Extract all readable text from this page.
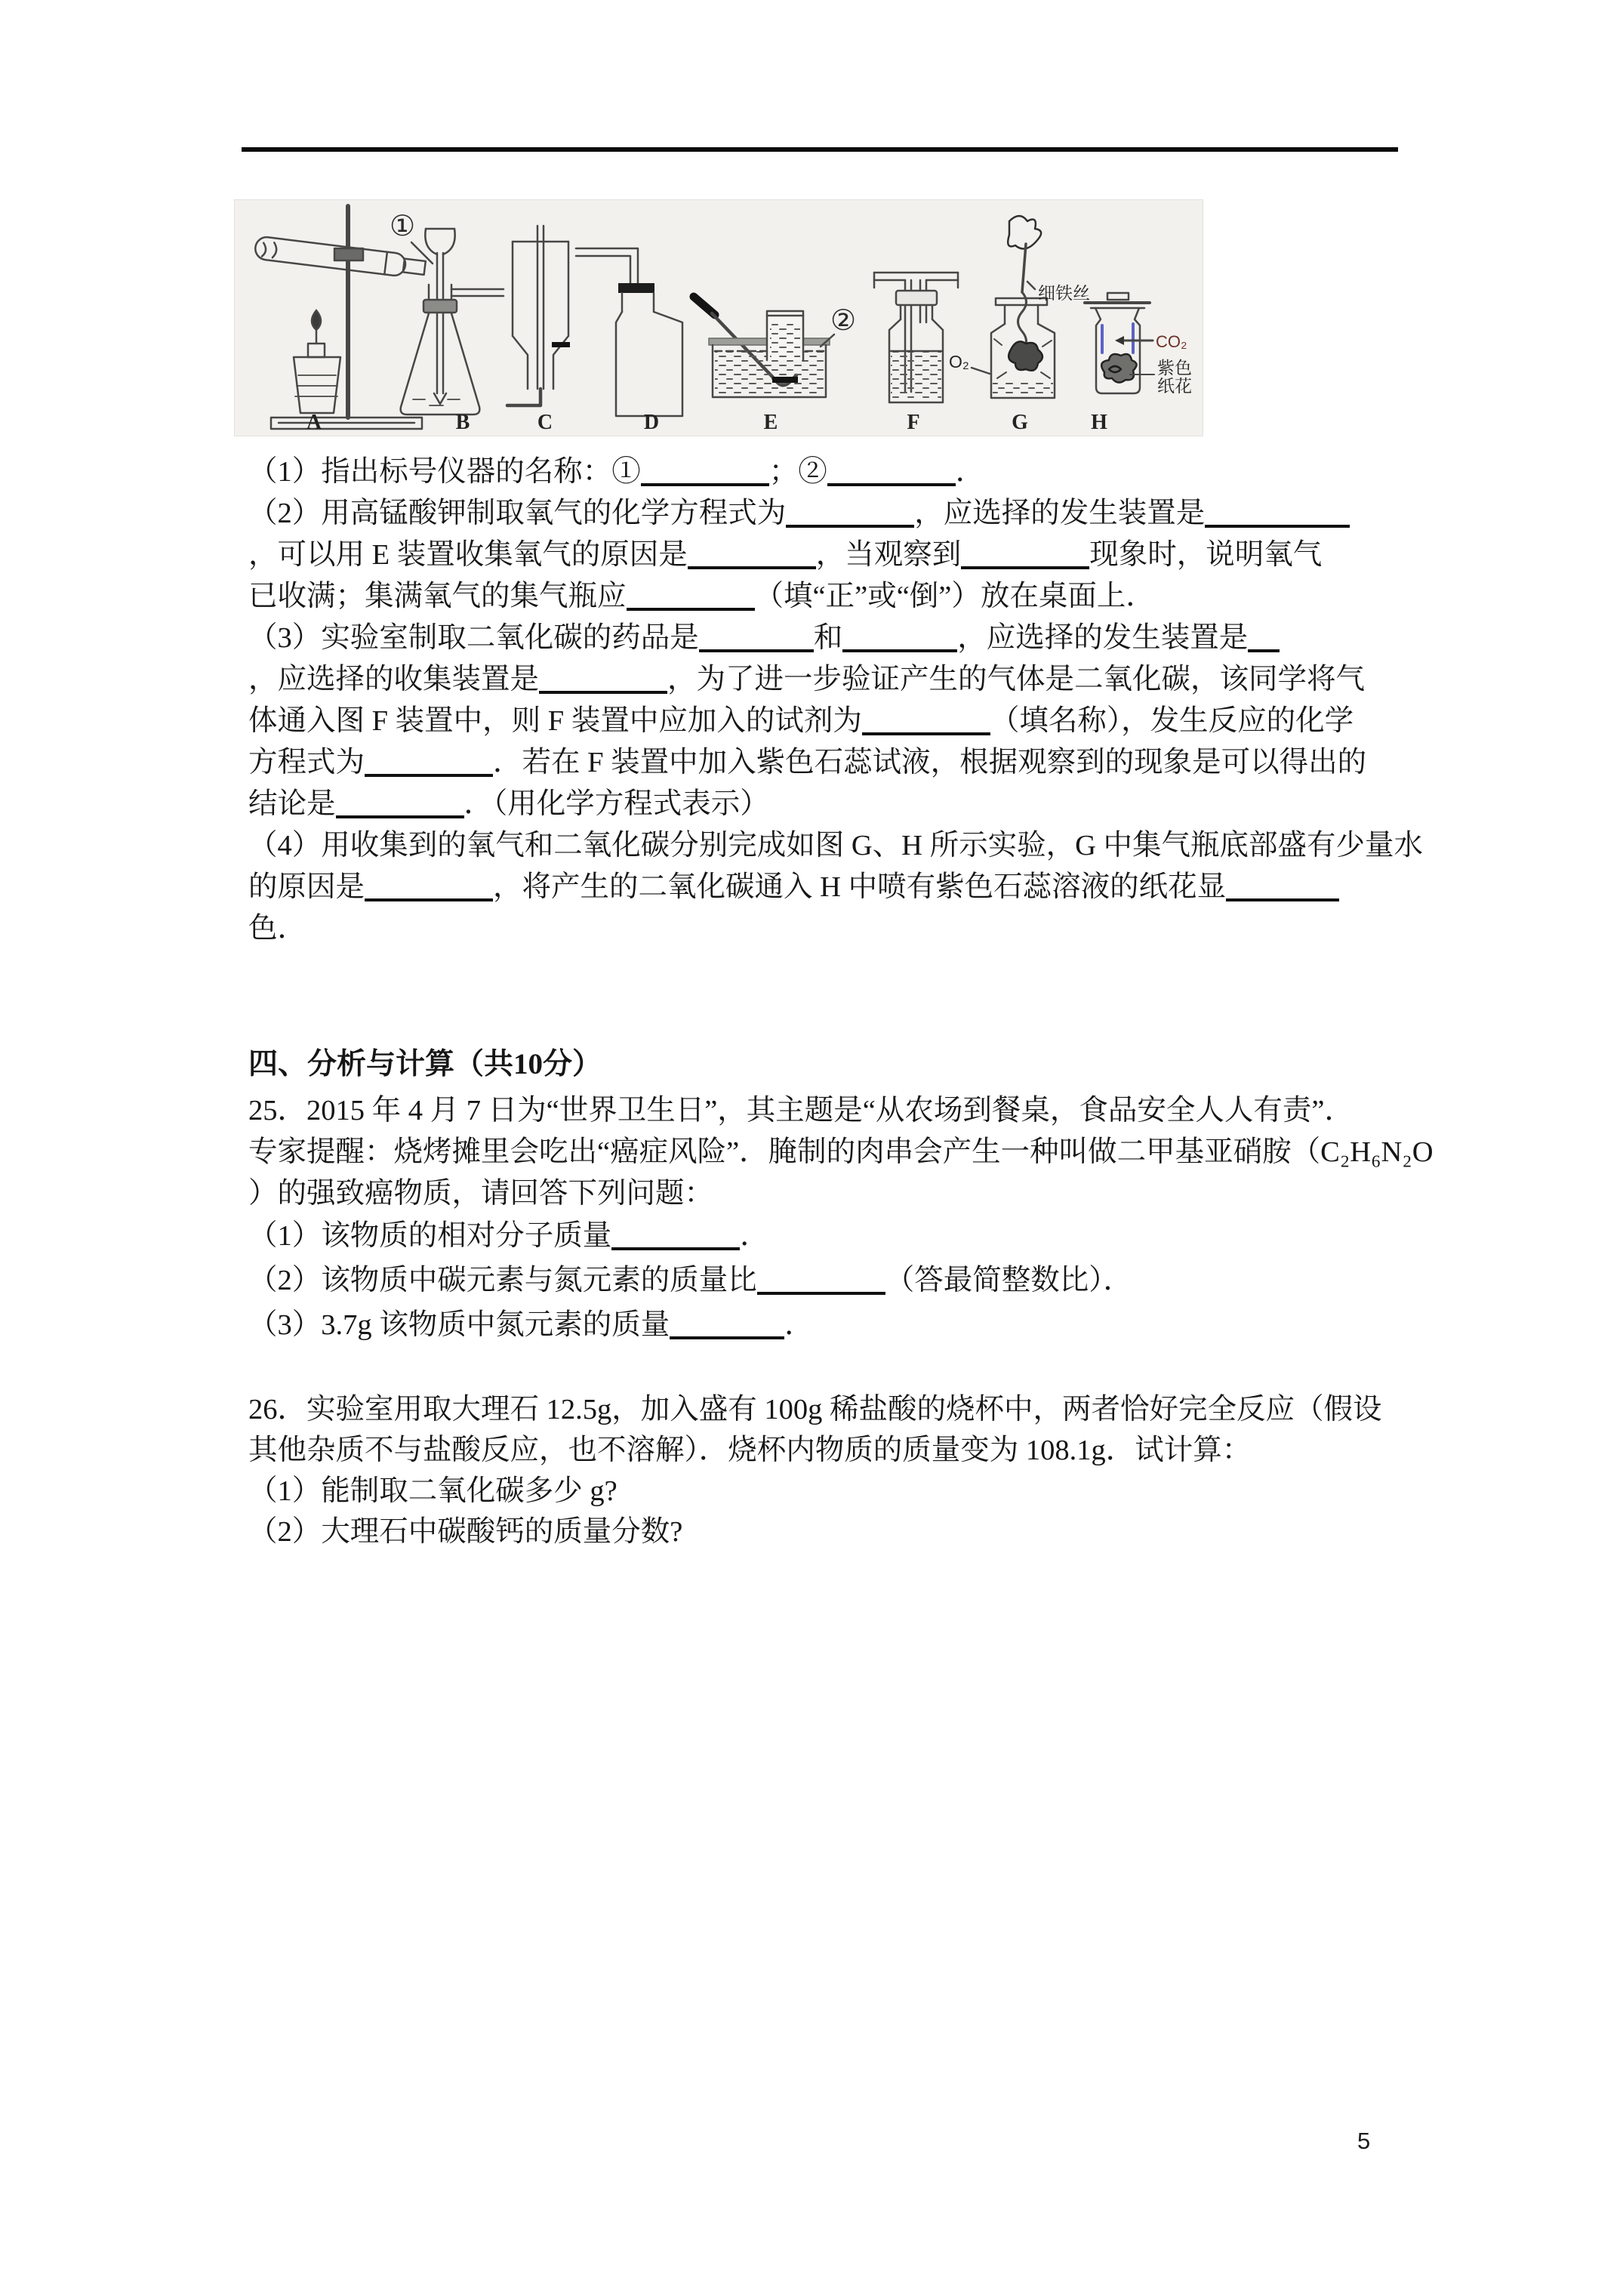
①
②
细铁丝
O₂
CO₂
紫色
纸花
A	B	C	D	E	F	G	H
（1）指出标号仪器的名称：①	；②	．
（2）用高锰酸钾制取氧气的化学方程式为	，应选择的发生装置是
，可以用 E 装置收集氧气的原因是	，当观察到	现象时，说明氧气
已收满；集满氧气的集气瓶应	（填“正”或“倒”）放在桌面上．
（3）实验室制取二氧化碳的药品是	和	，应选择的发生装置是
，应选择的收集装置是	，为了进一步验证产生的气体是二氧化碳，该同学将气
体通入图 F 装置中，则 F 装置中应加入的试剂为	（填名称），发生反应的化学
方程式为	．若在 F 装置中加入紫色石蕊试液，根据观察到的现象是可以得出的
结论是	．（用化学方程式表示）
（4）用收集到的氧气和二氧化碳分别完成如图 G、H 所示实验，G 中集气瓶底部盛有少量水
的原因是	，将产生的二氧化碳通入 H 中喷有紫色石蕊溶液的纸花显
色．
四、分析与计算（共10分）
25．2015 年 4 月 7 日为“世界卫生日”，其主题是“从农场到餐桌，食品安全人人有责”．
专家提醒：烧烤摊里会吃出“癌症风险”．腌制的肉串会产生一种叫做二甲基亚硝胺（C₂H₆N₂O
）的强致癌物质，请回答下列问题：
（1）该物质的相对分子质量	．
（2）该物质中碳元素与氮元素的质量比	（答最简整数比）．
（3）3.7g 该物质中氮元素的质量	．
26．实验室用取大理石 12.5g，加入盛有 100g 稀盐酸的烧杯中，两者恰好完全反应（假设
其他杂质不与盐酸反应，也不溶解）．烧杯内物质的质量变为 108.1g．试计算：
（1）能制取二氧化碳多少 g?
（2）大理石中碳酸钙的质量分数?
5
